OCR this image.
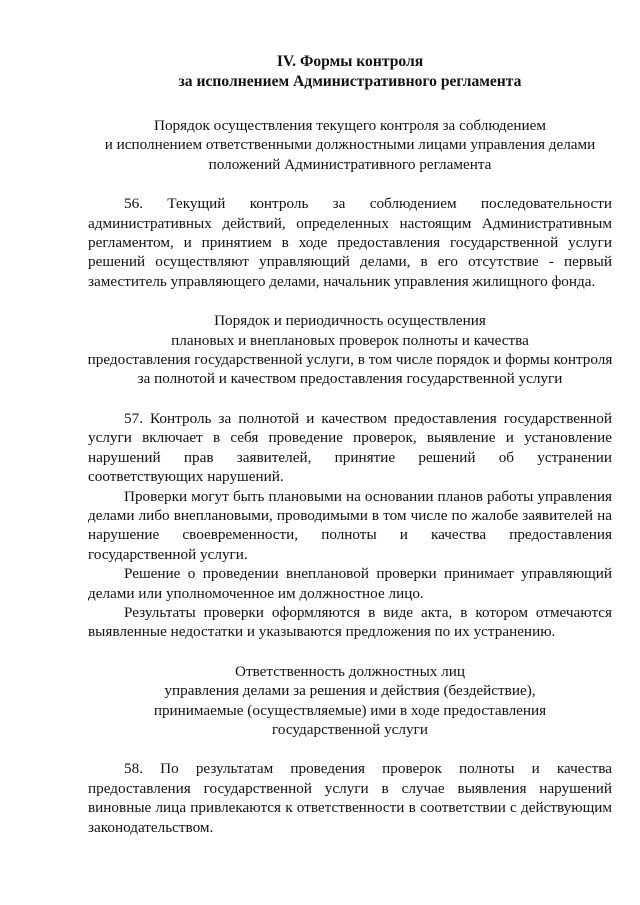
IV. Формы контроля
за исполнением Административного регламента
Порядок осуществления текущего контроля за соблюдением
и исполнением ответственными должностными лицами управления делами
положений Административного регламента

56. Текущий контроль за соблюдением последовательности административных действий, определенных настоящим Административным регламентом, и принятием в ходе предоставления государственной услуги решений осуществляют управляющий делами, в его отсутствие - первый заместитель управляющего делами, начальник управления жилищного фонда.

Порядок и периодичность осуществления
плановых и внеплановых проверок полноты и качества
предоставления государственной услуги, в том числе порядок и формы контроля
за полнотой и качеством предоставления государственной услуги

57. Контроль за полнотой и качеством предоставления государственной услуги включает в себя проведение проверок, выявление и установление нарушений прав заявителей, принятие решений об устранении соответствующих нарушений.

Проверки могут быть плановыми на основании планов работы управления делами либо внеплановыми, проводимыми в том числе по жалобе заявителей на нарушение своевременности, полноты и качества предоставления государственной услуги.

Решение о проведении внеплановой проверки принимает управляющий делами или уполномоченное им должностное лицо.

Результаты проверки оформляются в виде акта, в котором отмечаются выявленные недостатки и указываются предложения по их устранению.

Ответственность должностных лиц
управления делами за решения и действия (бездействие),
принимаемые (осуществляемые) ими в ходе предоставления
государственной услуги

58. По результатам проведения проверок полноты и качества предоставления государственной услуги в случае выявления нарушений виновные лица привлекаются к ответственности в соответствии с действующим законодательством.
